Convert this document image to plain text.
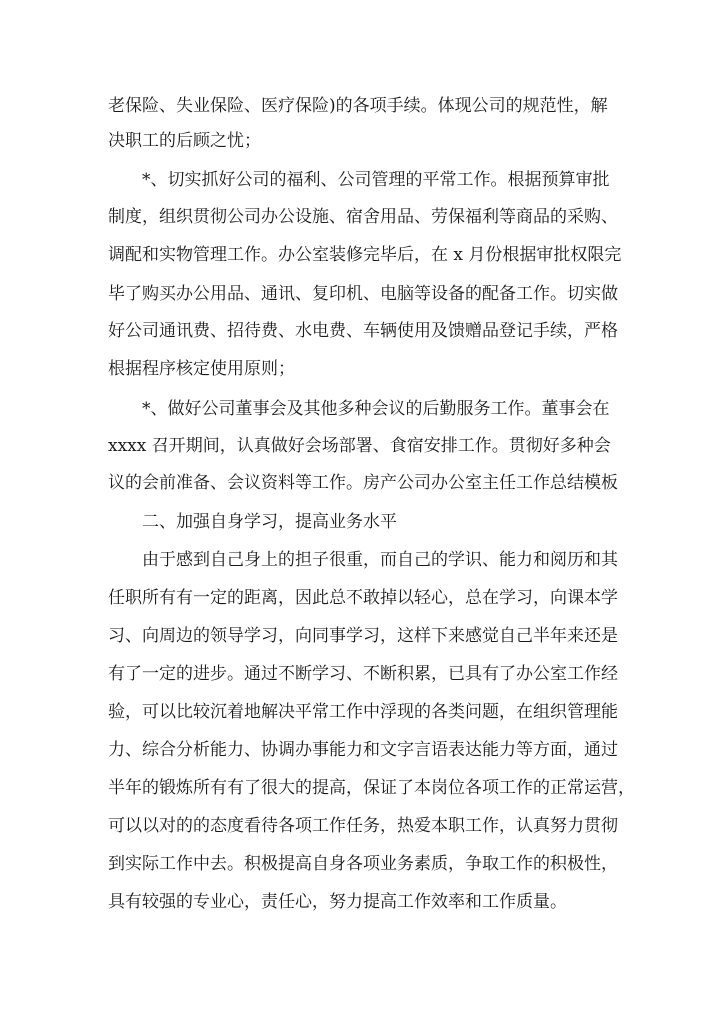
老保险、失业保险、医疗保险)的各项手续。体现公司的规范性，解
决职工的后顾之忧；
*、切实抓好公司的福利、公司管理的平常工作。根据预算审批
制度，组织贯彻公司办公设施、宿舍用品、劳保福利等商品的采购、
调配和实物管理工作。办公室装修完毕后，在 x 月份根据审批权限完
毕了购买办公用品、通讯、复印机、电脑等设备的配备工作。切实做
好公司通讯费、招待费、水电费、车辆使用及馈赠品登记手续，严格
根据程序核定使用原则；
*、做好公司董事会及其他多种会议的后勤服务工作。董事会在
xxxx 召开期间，认真做好会场部署、食宿安排工作。贯彻好多种会
议的会前准备、会议资料等工作。房产公司办公室主任工作总结模板
二、加强自身学习，提高业务水平
由于感到自己身上的担子很重，而自己的学识、能力和阅历和其
任职所有有一定的距离，因此总不敢掉以轻心，总在学习，向课本学
习、向周边的领导学习，向同事学习，这样下来感觉自己半年来还是
有了一定的进步。通过不断学习、不断积累，已具有了办公室工作经
验，可以比较沉着地解决平常工作中浮现的各类问题，在组织管理能
力、综合分析能力、协调办事能力和文字言语表达能力等方面，通过
半年的锻炼所有有了很大的提高，保证了本岗位各项工作的正常运营，
可以以对的的态度看待各项工作任务，热爱本职工作，认真努力贯彻
到实际工作中去。积极提高自身各项业务素质，争取工作的积极性，
具有较强的专业心，责任心，努力提高工作效率和工作质量。
